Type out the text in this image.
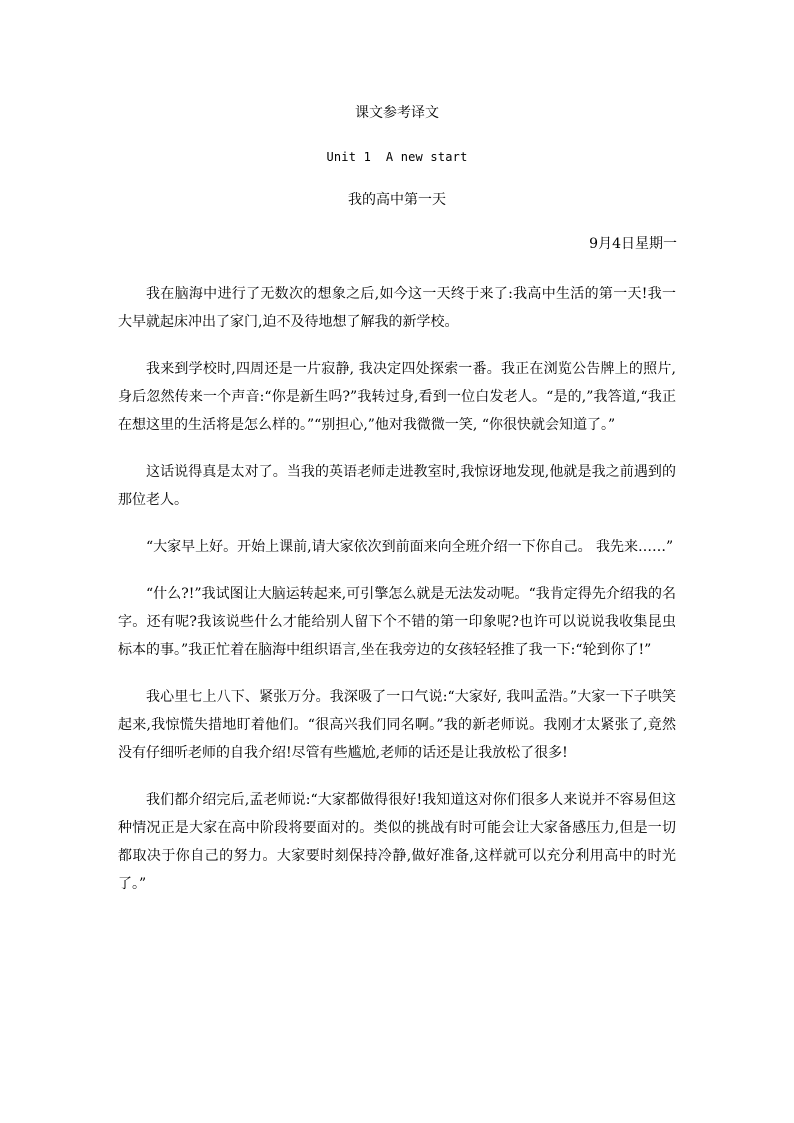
课文参考译文
Unit 1  A new start
我的高中第一天
9月4日星期一

我在脑海中进行了无数次的想象之后,如今这一天终于来了:我高中生活的第一天!我一大早就起床冲出了家门,迫不及待地想了解我的新学校。

我来到学校时,四周还是一片寂静, 我决定四处探索一番。我正在浏览公告牌上的照片,身后忽然传来一个声音:“你是新生吗?”我转过身,看到一位白发老人。“是的,”我答道,“我正在想这里的生活将是怎么样的。”“别担心,”他对我微微一笑, “你很快就会知道了。”

这话说得真是太对了。当我的英语老师走进教室时,我惊讶地发现,他就是我之前遇到的那位老人。

“大家早上好。开始上课前,请大家依次到前面来向全班介绍一下你自己。 我先来……”

“什么?!”我试图让大脑运转起来,可引擎怎么就是无法发动呢。“我肯定得先介绍我的名字。还有呢?我该说些什么才能给别人留下个不错的第一印象呢?也许可以说说我收集昆虫标本的事。”我正忙着在脑海中组织语言,坐在我旁边的女孩轻轻推了我一下:“轮到你了!”

我心里七上八下、紧张万分。我深吸了一口气说:“大家好, 我叫孟浩。”大家一下子哄笑起来,我惊慌失措地盯着他们。“很高兴我们同名啊。”我的新老师说。我刚才太紧张了,竟然没有仔细听老师的自我介绍!尽管有些尴尬,老师的话还是让我放松了很多!

我们都介绍完后,孟老师说:“大家都做得很好!我知道这对你们很多人来说并不容易但这种情况正是大家在高中阶段将要面对的。类似的挑战有时可能会让大家备感压力,但是一切都取决于你自己的努力。大家要时刻保持冷静,做好准备,这样就可以充分利用高中的时光了。”
